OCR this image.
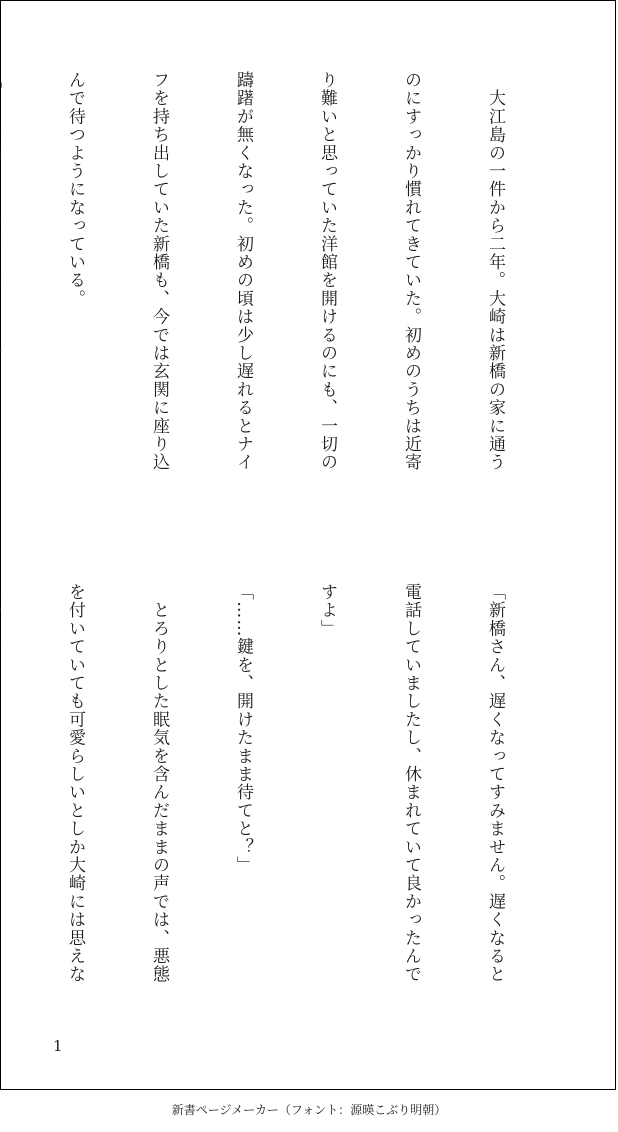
　大江島の一件から二年。大崎は新橋の家に通う

のにすっかり慣れてきていた。初めのうちは近寄

り難いと思っていた洋館を開けるのにも、一切の

躊躇が無くなった。初めの頃は少し遅れるとナイ

フを持ち出していた新橋も、今では玄関に座り込

んで待つようになっている。

「新橋さん、遅くなってすみません。遅くなると

電話していましたし、休まれていて良かったんで

すよ」

「……鍵を、開けたまま待てと？」

　とろりとした眠気を含んだままの声では、悪態

を付いていても可愛らしいとしか大崎には思えな

1
新書ページメーカー（フォント：源暎こぶり明朝）
